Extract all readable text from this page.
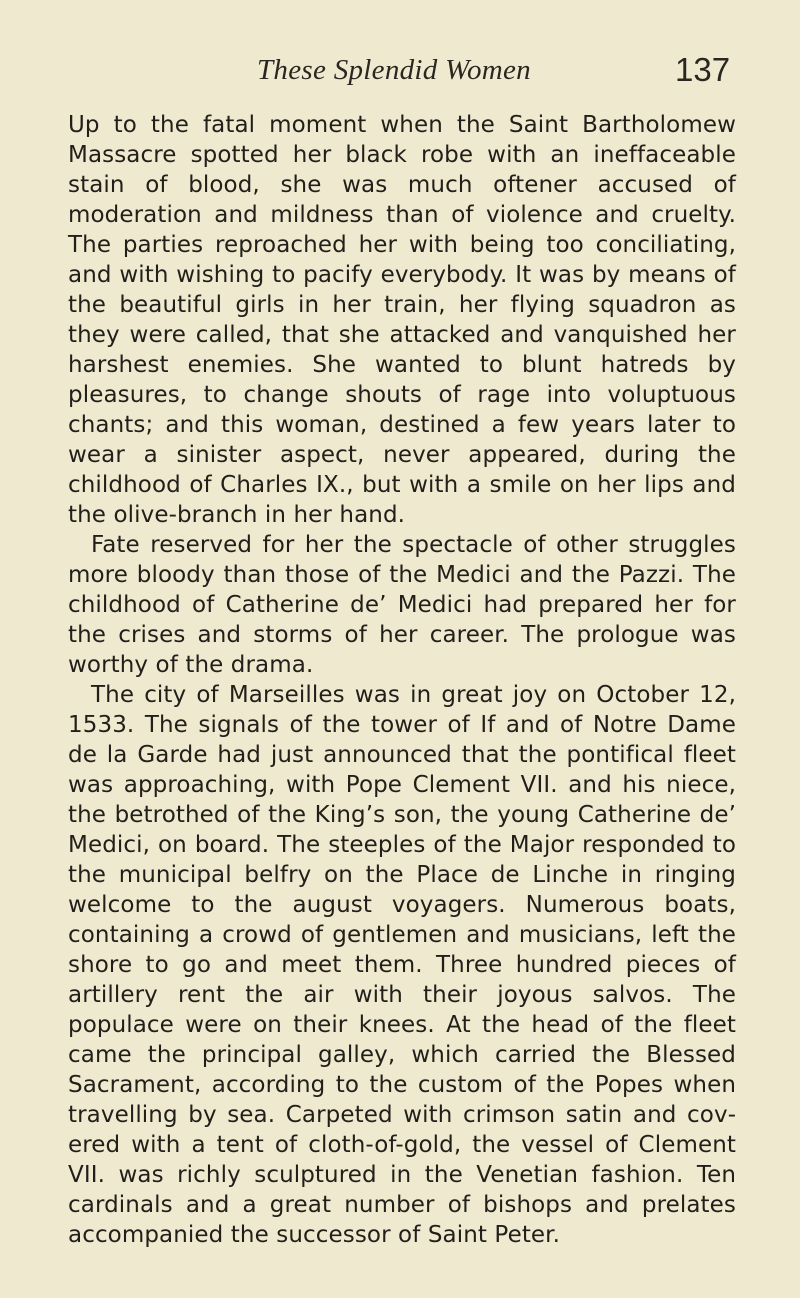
These Splendid Women	137

Up to the fatal moment when the Saint Bartholomew Massacre spotted her black robe with an ineffaceable stain of blood, she was much oftener accused of moderation and mildness than of violence and cruelty. The parties reproached her with being too conciliating, and with wishing to pacify everybody. It was by means of the beautiful girls in her train, her flying squadron as they were called, that she attacked and vanquished her harshest enemies. She wanted to blunt hatreds by pleasures, to change shouts of rage into voluptuous chants; and this woman, destined a few years later to wear a sinister aspect, never appeared, during the childhood of Charles IX., but with a smile on her lips and the olive-branch in her hand.

Fate reserved for her the spectacle of other struggles more bloody than those of the Medici and the Pazzi. The childhood of Catherine de’ Medici had prepared her for the crises and storms of her career. The prologue was worthy of the drama.

The city of Marseilles was in great joy on October 12, 1533. The signals of the tower of If and of Notre Dame de la Garde had just announced that the pontifical fleet was approaching, with Pope Clement VII. and his niece, the betrothed of the King’s son, the young Catherine de’ Medici, on board. The steeples of the Major responded to the municipal belfry on the Place de Linche in ringing welcome to the august voyagers. Numerous boats, containing a crowd of gentlemen and musicians, left the shore to go and meet them. Three hundred pieces of artillery rent the air with their joyous salvos. The populace were on their knees. At the head of the fleet came the principal galley, which carried the Blessed Sacrament, according to the custom of the Popes when travelling by sea. Carpeted with crimson satin and covered with a tent of cloth-of-gold, the vessel of Clement VII. was richly sculptured in the Venetian fashion. Ten cardinals and a great number of bishops and prelates accompanied the successor of Saint Peter.
